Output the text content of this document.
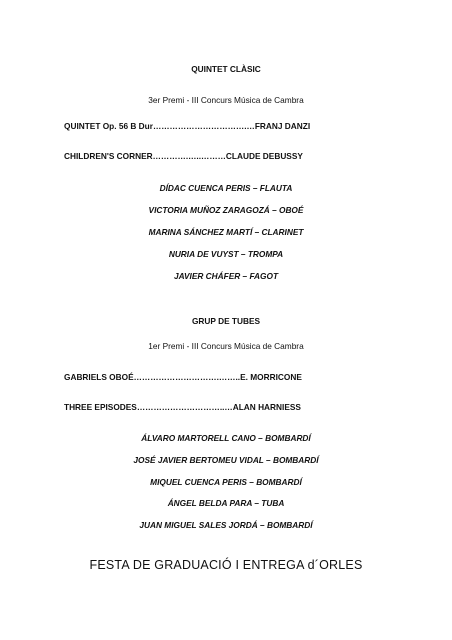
QUINTET CLÀSIC
3er Premi - III Concurs Música de Cambra
QUINTET Op. 56 B Dur…………………………….…FRANJ DANZI
CHILDREN'S CORNER………….…..………CLAUDE DEBUSSY
DÍDAC CUENCA PERIS – FLAUTA
VICTORIA MUÑOZ ZARAGOZÁ – OBOÉ
MARINA SÁNCHEZ MARTÍ – CLARINET
NURIA DE VUYST – TROMPA
JAVIER CHÁFER – FAGOT
GRUP DE TUBES
1er Premi - III Concurs Música de Cambra
GABRIELS OBOÉ………………………….……..E. MORRICONE
THREE EPISODES…………………………..…ALAN HARNIESS
ÁLVARO MARTORELL CANO – BOMBARDÍ
JOSÉ JAVIER BERTOMEU VIDAL – BOMBARDÍ
MIQUEL CUENCA PERIS – BOMBARDÍ
ÁNGEL BELDA PARA – TUBA
JUAN MIGUEL SALES JORDÁ – BOMBARDÍ
FESTA DE GRADUACIÓ I ENTREGA d´ORLES
